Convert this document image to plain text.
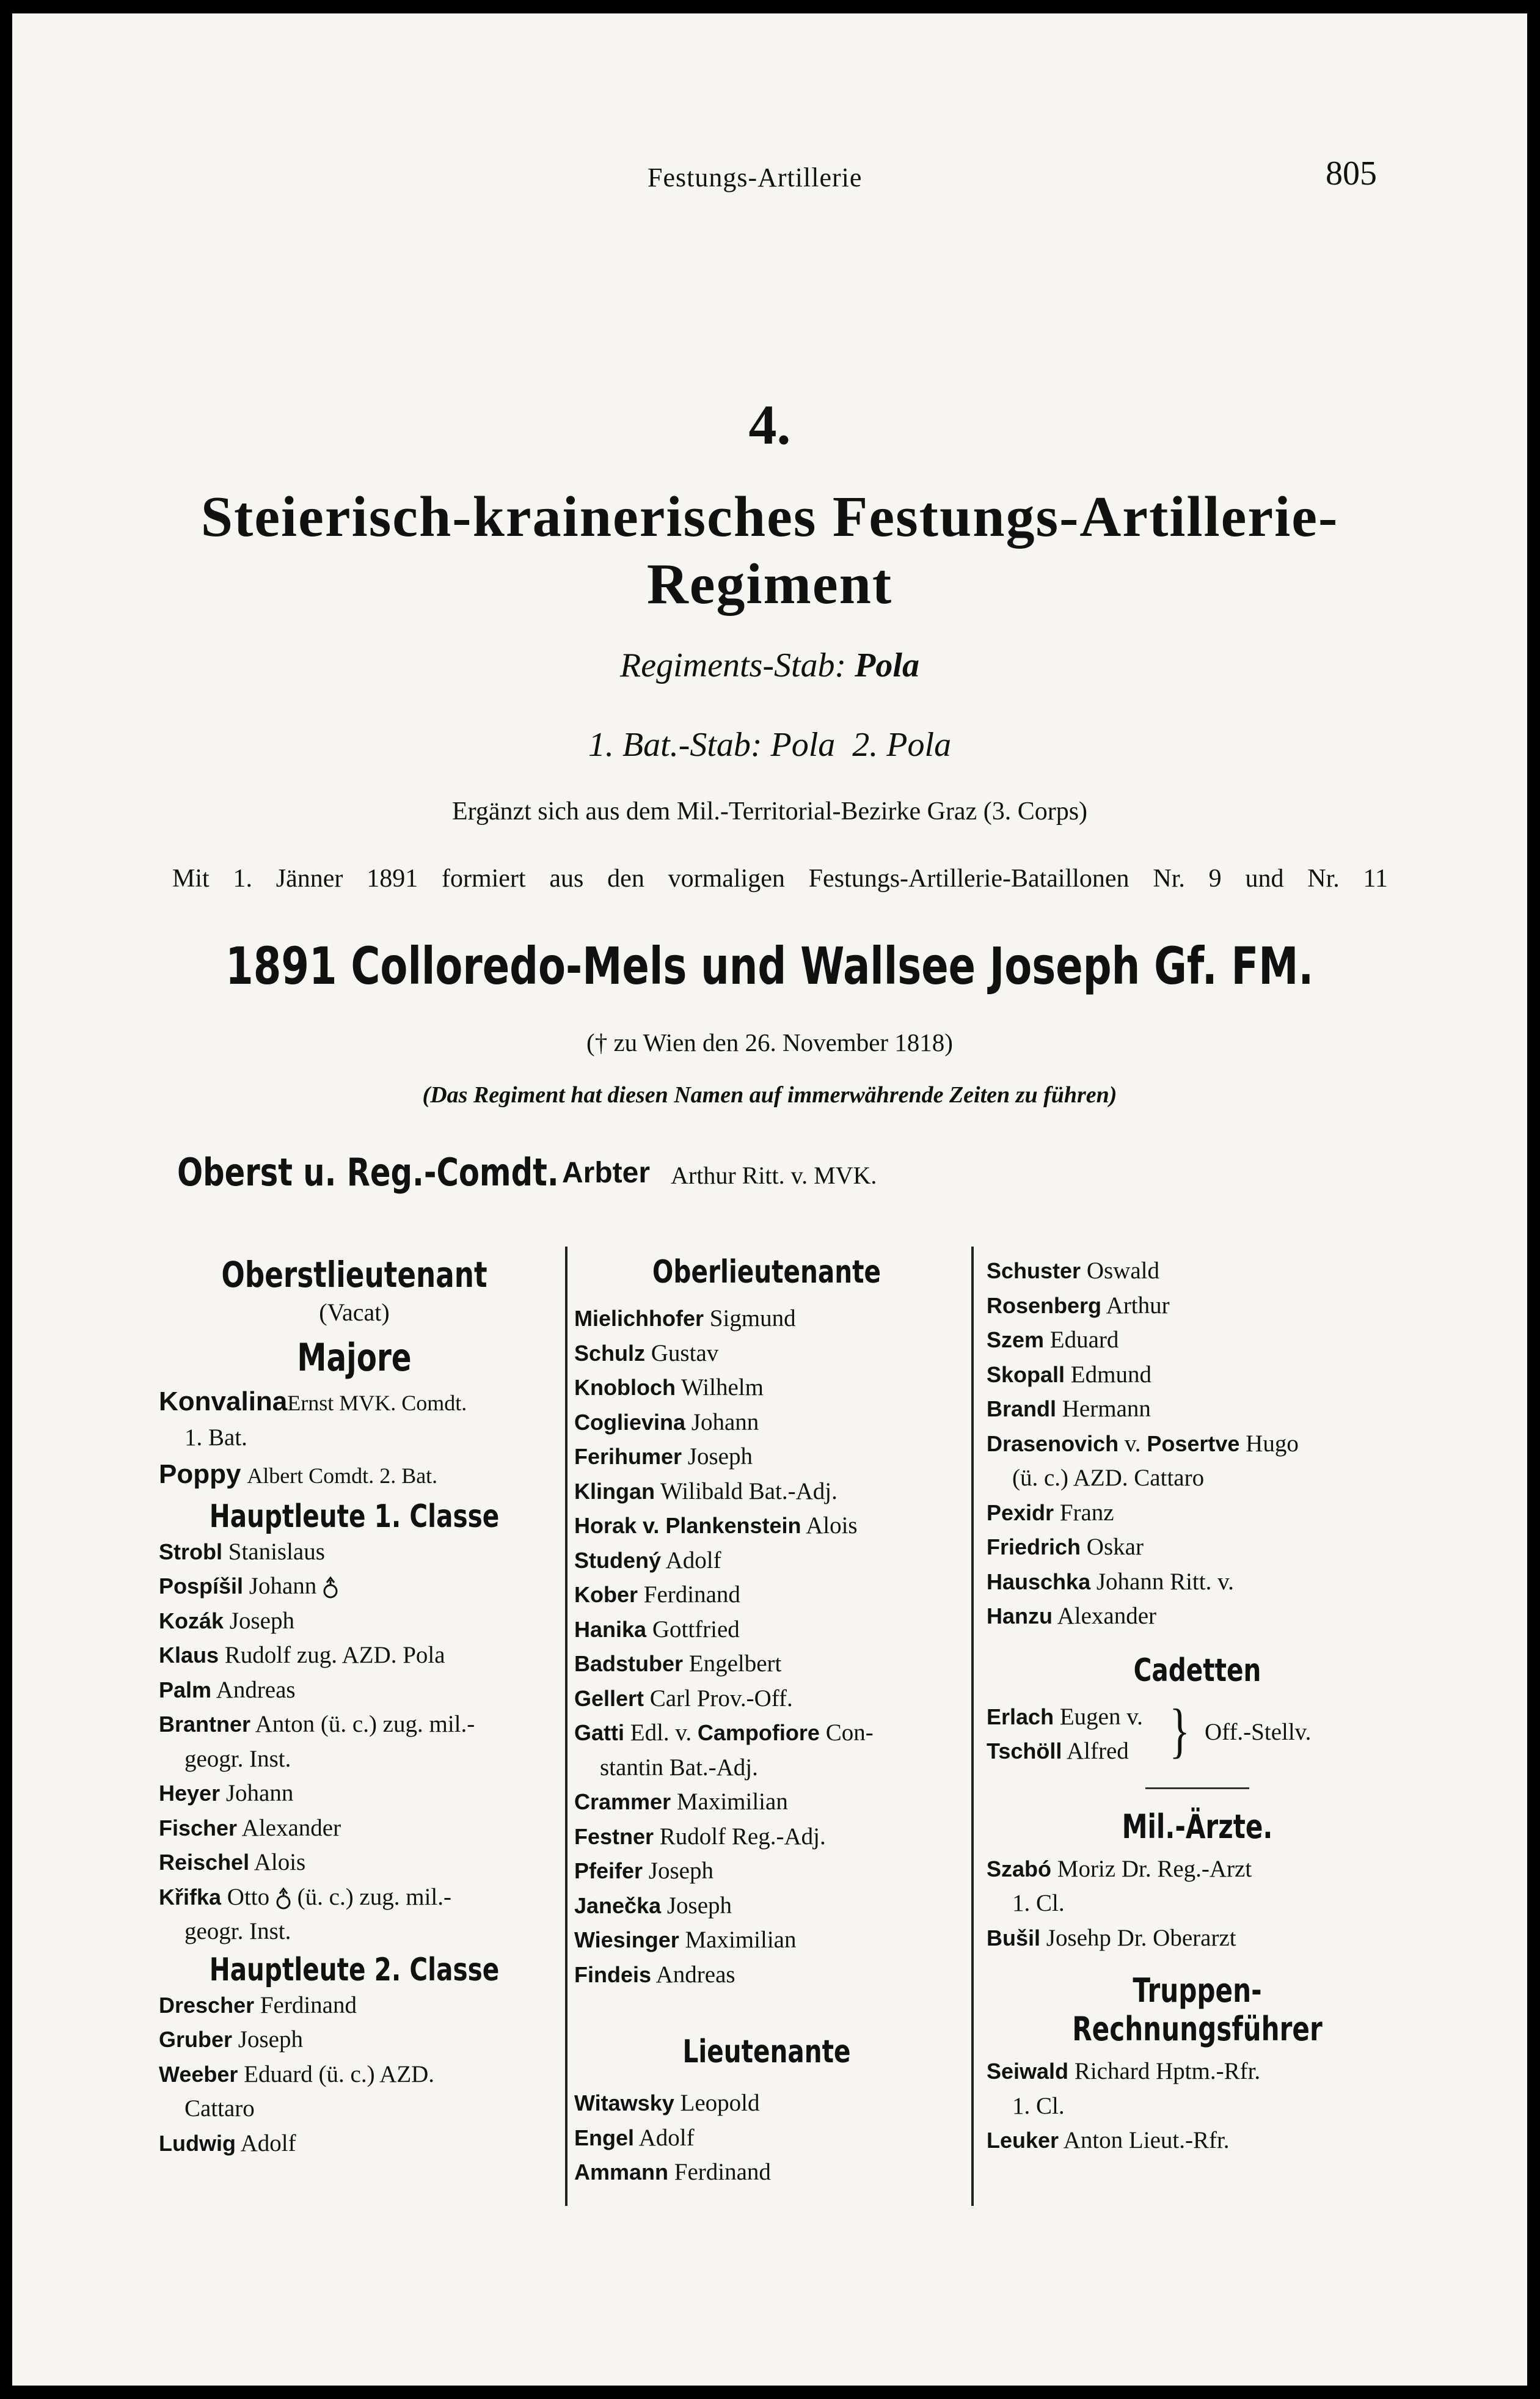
Festungs-Artillerie	805
4.
Steierisch-krainerisches Festungs-Artillerie-
Regiment
Regiments-Stab: Pola
1. Bat.-Stab: Pola  2. Pola
Ergänzt sich aus dem Mil.-Territorial-Bezirke Graz (3. Corps)
Mit 1. Jänner 1891 formiert aus den vormaligen Festungs-Artillerie-Bataillonen Nr. 9 und Nr. 11
1891 Colloredo-Mels und Wallsee Joseph Gf. FM.
(† zu Wien den 26. November 1818)
(Das Regiment hat diesen Namen auf immerwährende Zeiten zu führen)
Oberst u. Reg.-Comdt. Arbter Arthur Ritt. v. MVK.
Oberstlieutenant
(Vacat)
Majore
KonvalinaErnst MVK. Comdt.
1. Bat.
Poppy Albert Comdt. 2. Bat.
Hauptleute 1. Classe
Strobl Stanislaus
Pospíšil Johann
Kozák Joseph
Klaus Rudolf zug. AZD. Pola
Palm Andreas
Brantner Anton (ü. c.) zug. mil.-
geogr. Inst.
Heyer Johann
Fischer Alexander
Reischel Alois
Křifka Otto (ü. c.) zug. mil.-
geogr. Inst.
Hauptleute 2. Classe
Drescher Ferdinand
Gruber Joseph
Weeber Eduard (ü. c.) AZD.
Cattaro
Ludwig Adolf
Oberlieutenante
Mielichhofer Sigmund
Schulz Gustav
Knobloch Wilhelm
Coglievina Johann
Ferihumer Joseph
Klingan Wilibald Bat.-Adj.
Horak v. Plankenstein Alois
Studený Adolf
Kober Ferdinand
Hanika Gottfried
Badstuber Engelbert
Gellert Carl Prov.-Off.
Gatti Edl. v. Campofiore Con-
stantin Bat.-Adj.
Crammer Maximilian
Festner Rudolf Reg.-Adj.
Pfeifer Joseph
Janečka Joseph
Wiesinger Maximilian
Findeis Andreas
Lieutenante
Witawsky Leopold
Engel Adolf
Ammann Ferdinand
Schuster Oswald
Rosenberg Arthur
Szem Eduard
Skopall Edmund
Brandl Hermann
Drasenovich v. Posertve Hugo
(ü. c.) AZD. Cattaro
Pexidr Franz
Friedrich Oskar
Hauschka Johann Ritt. v.
Hanzu Alexander
Cadetten
Erlach Eugen v.
Tschöll Alfred } Off.-Stellv.
Mil.-Ärzte.
Szabó Moriz Dr. Reg.-Arzt
1. Cl.
Bušil Josehp Dr. Oberarzt
Truppen-Rechnungsführer
Seiwald Richard Hptm.-Rfr.
1. Cl.
Leuker Anton Lieut.-Rfr.
